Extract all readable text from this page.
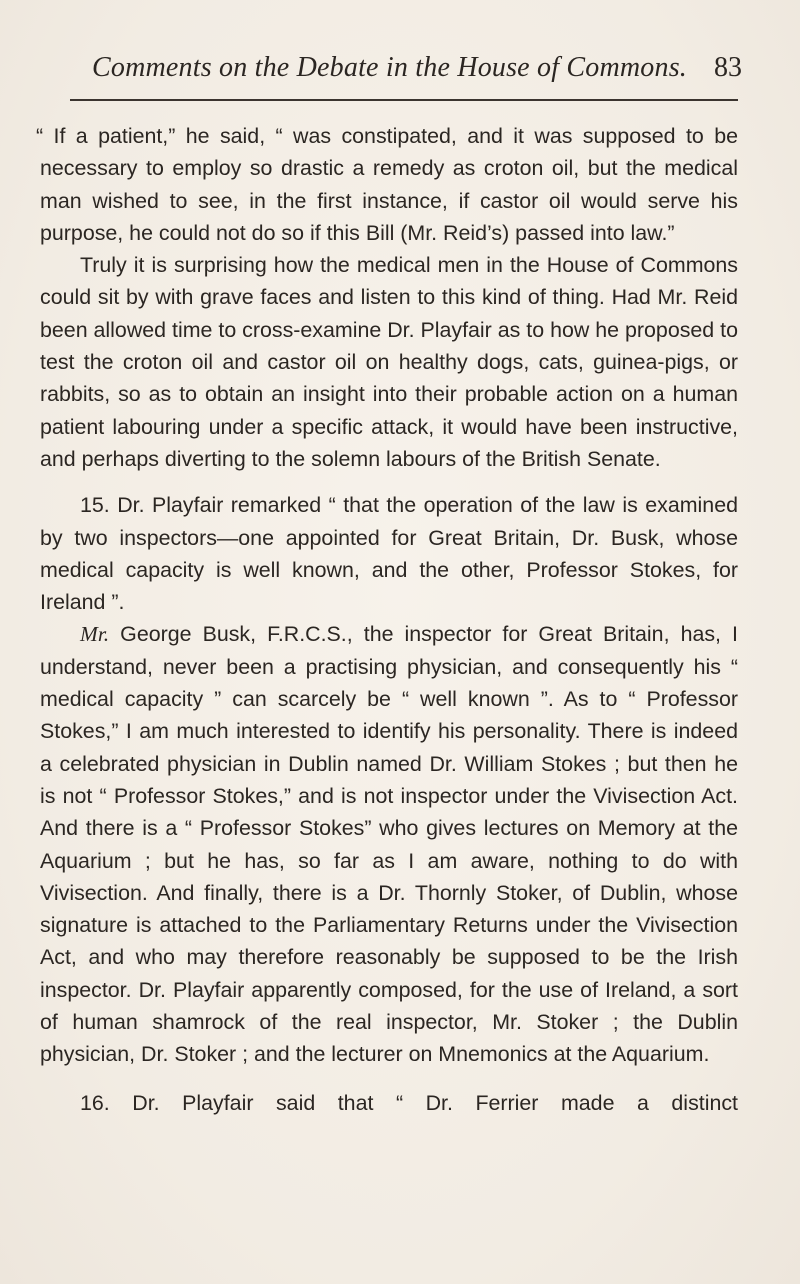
Comments on the Debate in the House of Commons. 83

“ If a patient,” he said, “ was constipated, and it was supposed to be necessary to employ so drastic a remedy as croton oil, but the medical man wished to see, in the first instance, if castor oil would serve his purpose, he could not do so if this Bill (Mr. Reid’s) passed into law.”

Truly it is surprising how the medical men in the House of Commons could sit by with grave faces and listen to this kind of thing. Had Mr. Reid been allowed time to cross-examine Dr. Playfair as to how he proposed to test the croton oil and castor oil on healthy dogs, cats, guinea-pigs, or rabbits, so as to obtain an insight into their probable action on a human patient labouring under a specific attack, it would have been instructive, and perhaps diverting to the solemn labours of the British Senate.

15. Dr. Playfair remarked “ that the operation of the law is examined by two inspectors—one appointed for Great Britain, Dr. Busk, whose medical capacity is well known, and the other, Professor Stokes, for Ireland ”.

Mr. George Busk, F.R.C.S., the inspector for Great Britain, has, I understand, never been a practising physician, and consequently his “ medical capacity ” can scarcely be “ well known ”. As to “ Professor Stokes,” I am much interested to identify his personality. There is indeed a celebrated physician in Dublin named Dr. William Stokes ; but then he is not “ Professor Stokes,” and is not inspector under the Vivisection Act. And there is a “ Professor Stokes” who gives lectures on Memory at the Aquarium ; but he has, so far as I am aware, nothing to do with Vivisection. And finally, there is a Dr. Thornly Stoker, of Dublin, whose signature is attached to the Parliamentary Returns under the Vivisection Act, and who may therefore reasonably be supposed to be the Irish inspector. Dr. Playfair apparently composed, for the use of Ireland, a sort of human shamrock of the real inspector, Mr. Stoker ; the Dublin physician, Dr. Stoker ; and the lecturer on Mnemonics at the Aquarium.

16. Dr. Playfair said that “ Dr. Ferrier made a distinct
